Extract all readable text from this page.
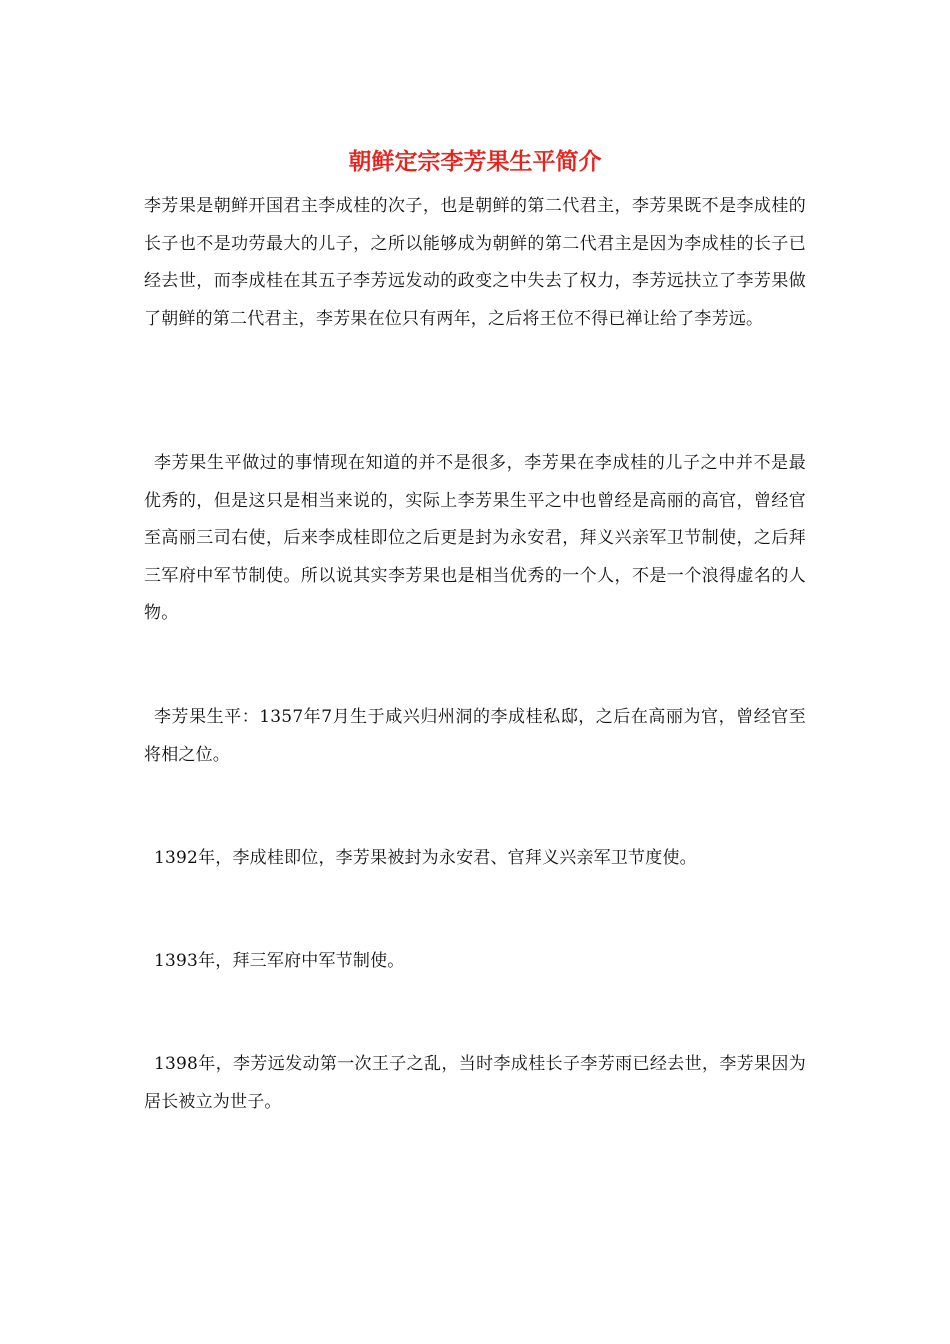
朝鲜定宗李芳果生平简介

李芳果是朝鲜开国君主李成桂的次子，也是朝鲜的第二代君主，李芳果既不是李成桂的长子也不是功劳最大的儿子，之所以能够成为朝鲜的第二代君主是因为李成桂的长子已经去世，而李成桂在其五子李芳远发动的政变之中失去了权力，李芳远扶立了李芳果做了朝鲜的第二代君主，李芳果在位只有两年，之后将王位不得已禅让给了李芳远。

李芳果生平做过的事情现在知道的并不是很多，李芳果在李成桂的儿子之中并不是最优秀的，但是这只是相当来说的，实际上李芳果生平之中也曾经是高丽的高官，曾经官至高丽三司右使，后来李成桂即位之后更是封为永安君，拜义兴亲军卫节制使，之后拜三军府中军节制使。所以说其实李芳果也是相当优秀的一个人，不是一个浪得虚名的人物。

李芳果生平：1357年7月生于咸兴归州洞的李成桂私邸，之后在高丽为官，曾经官至将相之位。

1392年，李成桂即位，李芳果被封为永安君、官拜义兴亲军卫节度使。

1393年，拜三军府中军节制使。

1398年，李芳远发动第一次王子之乱，当时李成桂长子李芳雨已经去世，李芳果因为居长被立为世子。
